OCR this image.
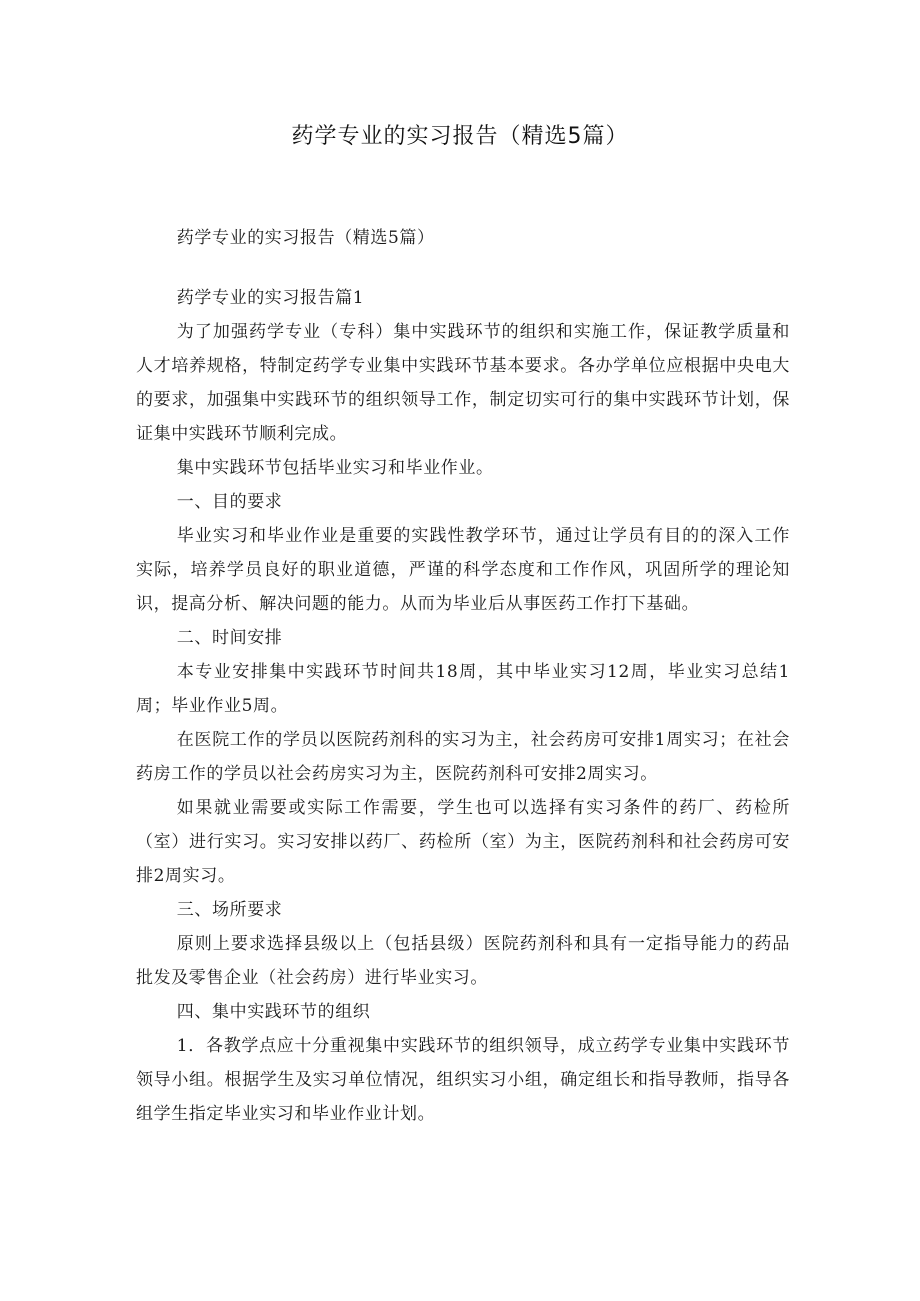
药学专业的实习报告（精选5篇）

药学专业的实习报告（精选5篇）

药学专业的实习报告篇1

为了加强药学专业（专科）集中实践环节的组织和实施工作，保证教学质量和人才培养规格，特制定药学专业集中实践环节基本要求。各办学单位应根据中央电大的要求，加强集中实践环节的组织领导工作，制定切实可行的集中实践环节计划，保证集中实践环节顺利完成。

集中实践环节包括毕业实习和毕业作业。

一、目的要求

毕业实习和毕业作业是重要的实践性教学环节，通过让学员有目的的深入工作实际，培养学员良好的职业道德，严谨的科学态度和工作作风，巩固所学的理论知识，提高分析、解决问题的能力。从而为毕业后从事医药工作打下基础。

二、时间安排

本专业安排集中实践环节时间共18周，其中毕业实习12周，毕业实习总结1周；毕业作业5周。

在医院工作的学员以医院药剂科的实习为主，社会药房可安排1周实习；在社会药房工作的学员以社会药房实习为主，医院药剂科可安排2周实习。

如果就业需要或实际工作需要，学生也可以选择有实习条件的药厂、药检所（室）进行实习。实习安排以药厂、药检所（室）为主，医院药剂科和社会药房可安排2周实习。

三、场所要求

原则上要求选择县级以上（包括县级）医院药剂科和具有一定指导能力的药品批发及零售企业（社会药房）进行毕业实习。

四、集中实践环节的组织

1．各教学点应十分重视集中实践环节的组织领导，成立药学专业集中实践环节领导小组。根据学生及实习单位情况，组织实习小组，确定组长和指导教师，指导各组学生指定毕业实习和毕业作业计划。
